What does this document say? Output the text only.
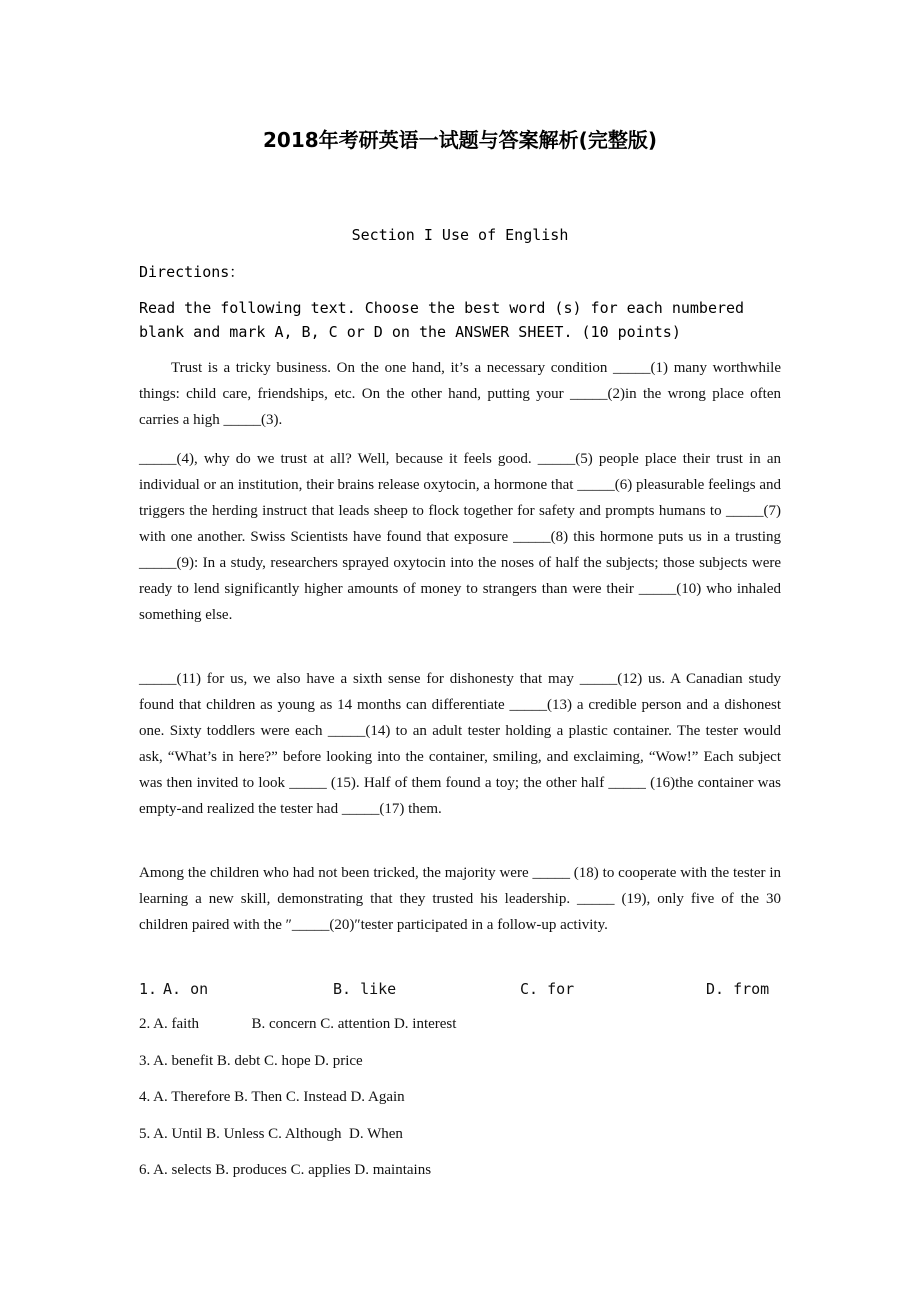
2018年考研英语一试题与答案解析(完整版)
Section I Use of English
Directions：
Read the following text. Choose the best word (s) for each numbered blank and mark A, B, C or D on the ANSWER SHEET. (10 points)
Trust is a tricky business. On the one hand, it’s a necessary condition _____(1) many worthwhile things: child care, friendships, etc. On the other hand, putting your _____(2)in the wrong place often carries a high _____(3).
_____(4), why do we trust at all? Well, because it feels good. _____(5) people place their trust in an individual or an institution, their brains release oxytocin, a hormone that _____(6) pleasurable feelings and triggers the herding instruct that leads sheep to flock together for safety and prompts humans to _____(7) with one another. Swiss Scientists have found that exposure _____(8) this hormone puts us in a trusting _____(9): In a study, researchers sprayed oxytocin into the noses of half the subjects; those subjects were ready to lend significantly higher amounts of money to strangers than were their _____(10) who inhaled something else.
_____(11) for us, we also have a sixth sense for dishonesty that may _____(12) us. A Canadian study found that children as young as 14 months can differentiate _____(13) a credible person and a dishonest one. Sixty toddlers were each _____(14) to an adult tester holding a plastic container. The tester would ask, “What’s in here?” before looking into the container, smiling, and exclaiming, “Wow!” Each subject was then invited to look _____ (15). Half of them found a toy; the other half _____ (16)the container was empty-and realized the tester had _____(17) them.
Among the children who had not been tricked, the majority were _____ (18) to cooperate with the tester in learning a new skill, demonstrating that they trusted his leadership. _____ (19), only five of the 30 children paired with the ″_____(20)″tester participated in a follow-up activity.

1.

A. on

	B. like

	C. for

	D. from

2. A. faith              B. concern C. attention D. interest
3. A. benefit B. debt C. hope D. price
4. A. Therefore B. Then C. Instead D. Again
5. A. Until B. Unless C. Although  D. When
6. A. selects B. produces C. applies D. maintains
